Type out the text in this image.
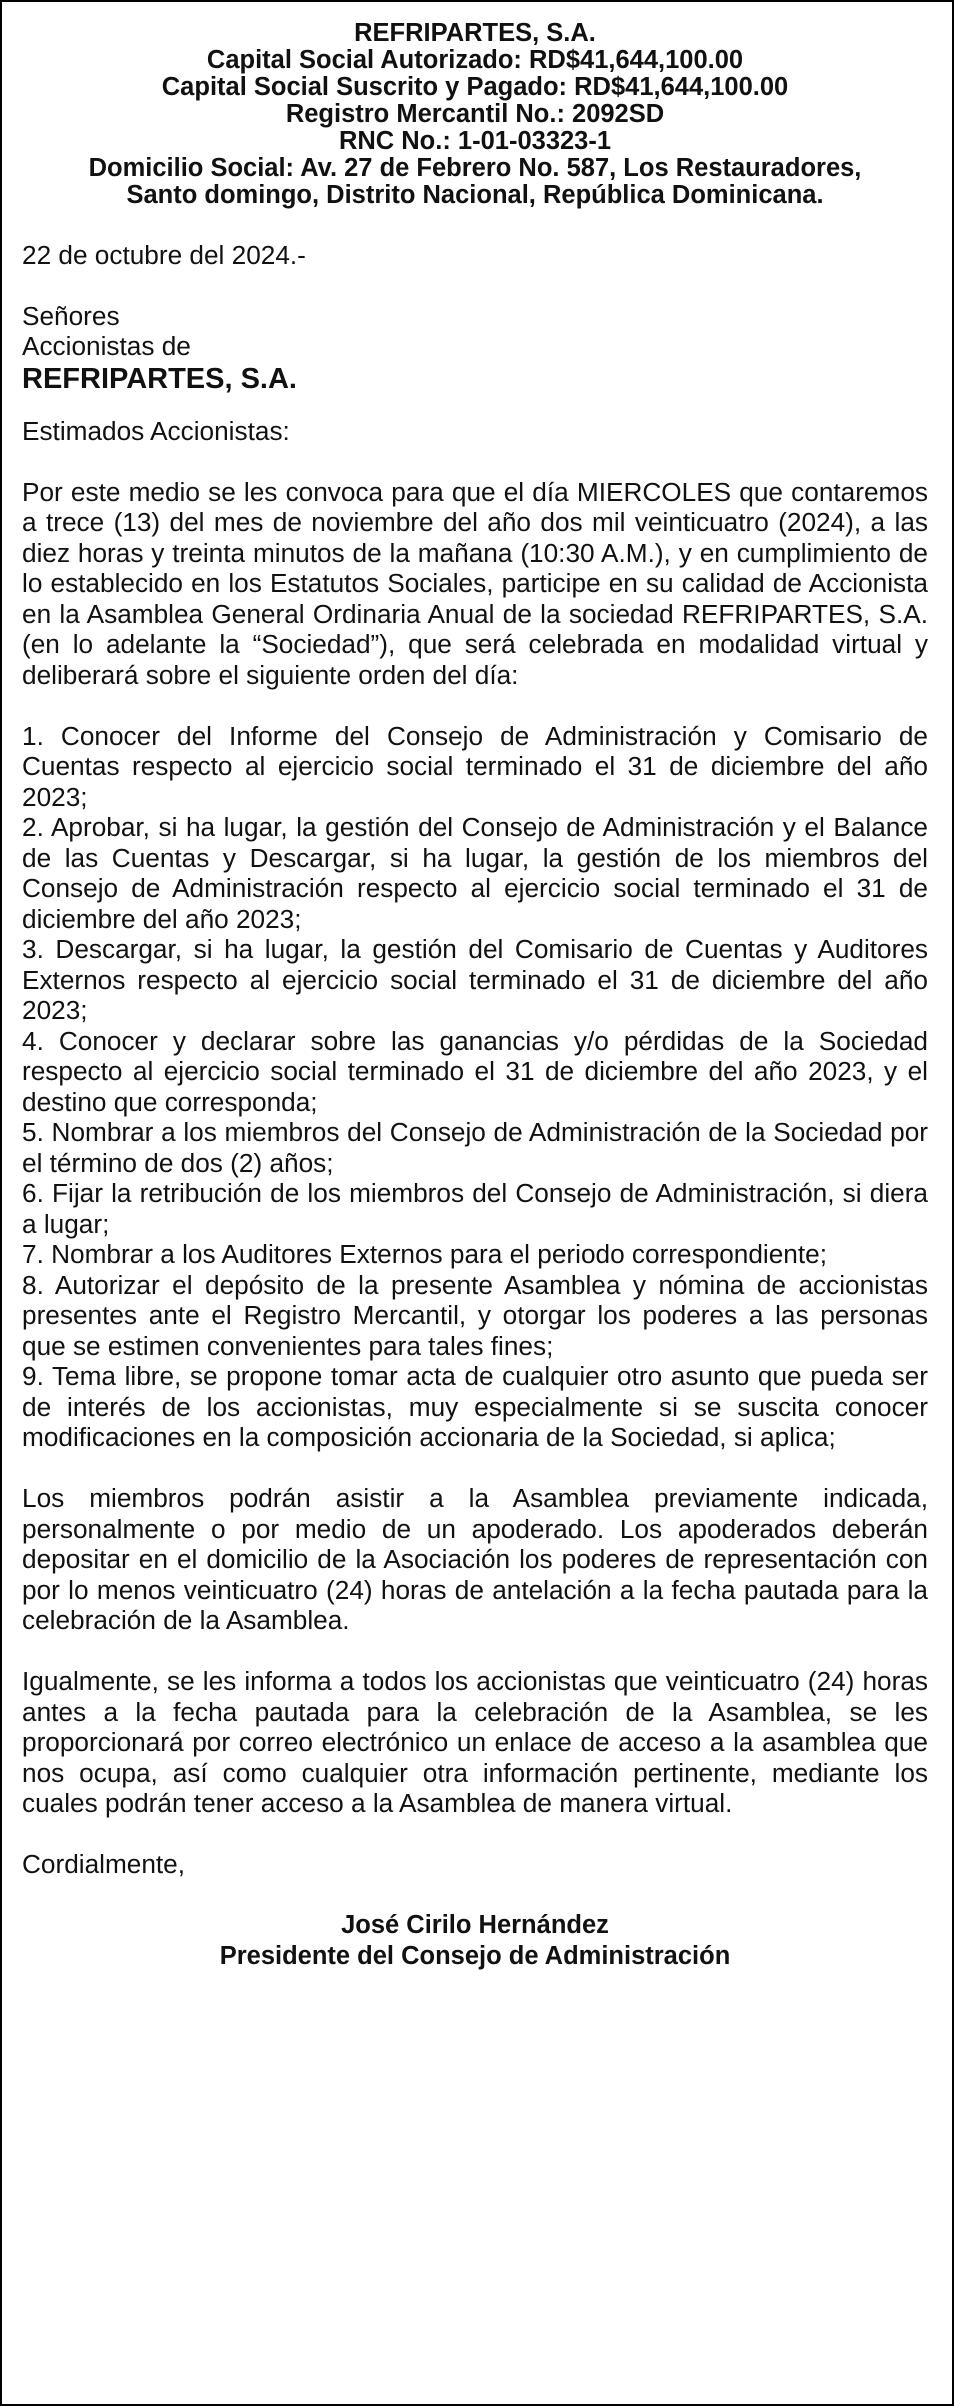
REFRIPARTES, S.A.
Capital Social Autorizado: RD$41,644,100.00
Capital Social Suscrito y Pagado: RD$41,644,100.00
Registro Mercantil No.: 2092SD
RNC No.: 1-01-03323-1
Domicilio Social: Av. 27 de Febrero No. 587, Los Restauradores,
Santo domingo, Distrito Nacional, República Dominicana.

22 de octubre del 2024.-

Señores

Accionistas de

REFRIPARTES, S.A.

Estimados Accionistas:

Por este medio se les convoca para que el día MIERCOLES que contaremos a trece (13) del mes de noviembre del año dos mil veinticuatro (2024), a las diez horas y treinta minutos de la mañana (10:30 A.M.), y en cumplimiento de lo establecido en los Estatutos Sociales, participe en su calidad de Accionista en la Asamblea General Ordinaria Anual de la sociedad REFRIPARTES, S.A. (en lo adelante la “Sociedad”), que será celebrada en modalidad virtual y deliberará sobre el siguiente orden del día:

1. Conocer del Informe del Consejo de Administración y Comisario de Cuentas respecto al ejercicio social terminado el 31 de diciembre del año 2023;

2. Aprobar, si ha lugar, la gestión del Consejo de Administración y el Balance de las Cuentas y Descargar, si ha lugar, la gestión de los miembros del Consejo de Administración respecto al ejercicio social terminado el 31 de diciembre del año 2023;

3. Descargar, si ha lugar, la gestión del Comisario de Cuentas y Auditores Externos respecto al ejercicio social terminado el 31 de diciembre del año 2023;

4. Conocer y declarar sobre las ganancias y/o pérdidas de la Sociedad respecto al ejercicio social terminado el 31 de diciembre del año 2023, y el destino que corresponda;

5. Nombrar a los miembros del Consejo de Administración de la Sociedad por el término de dos (2) años;

6. Fijar la retribución de los miembros del Consejo de Administración, si diera a lugar;

7. Nombrar a los Auditores Externos para el periodo correspondiente;

8. Autorizar el depósito de la presente Asamblea y nómina de accionistas presentes ante el Registro Mercantil, y otorgar los poderes a las personas que se estimen convenientes para tales fines;

9. Tema libre, se propone tomar acta de cualquier otro asunto que pueda ser de interés de los accionistas, muy especialmente si se suscita conocer modificaciones en la composición accionaria de la Sociedad, si aplica;

Los miembros podrán asistir a la Asamblea previamente indicada, personalmente o por medio de un apoderado. Los apoderados deberán depositar en el domicilio de la Asociación los poderes de representación con por lo menos veinticuatro (24) horas de antelación a la fecha pautada para la celebración de la Asamblea.

Igualmente, se les informa a todos los accionistas que veinticuatro (24) horas antes a la fecha pautada para la celebración de la Asamblea, se les proporcionará por correo electrónico un enlace de acceso a la asamblea que nos ocupa, así como cualquier otra información pertinente, mediante los cuales podrán tener acceso a la Asamblea de manera virtual.

Cordialmente,

José Cirilo Hernández
Presidente del Consejo de Administración
